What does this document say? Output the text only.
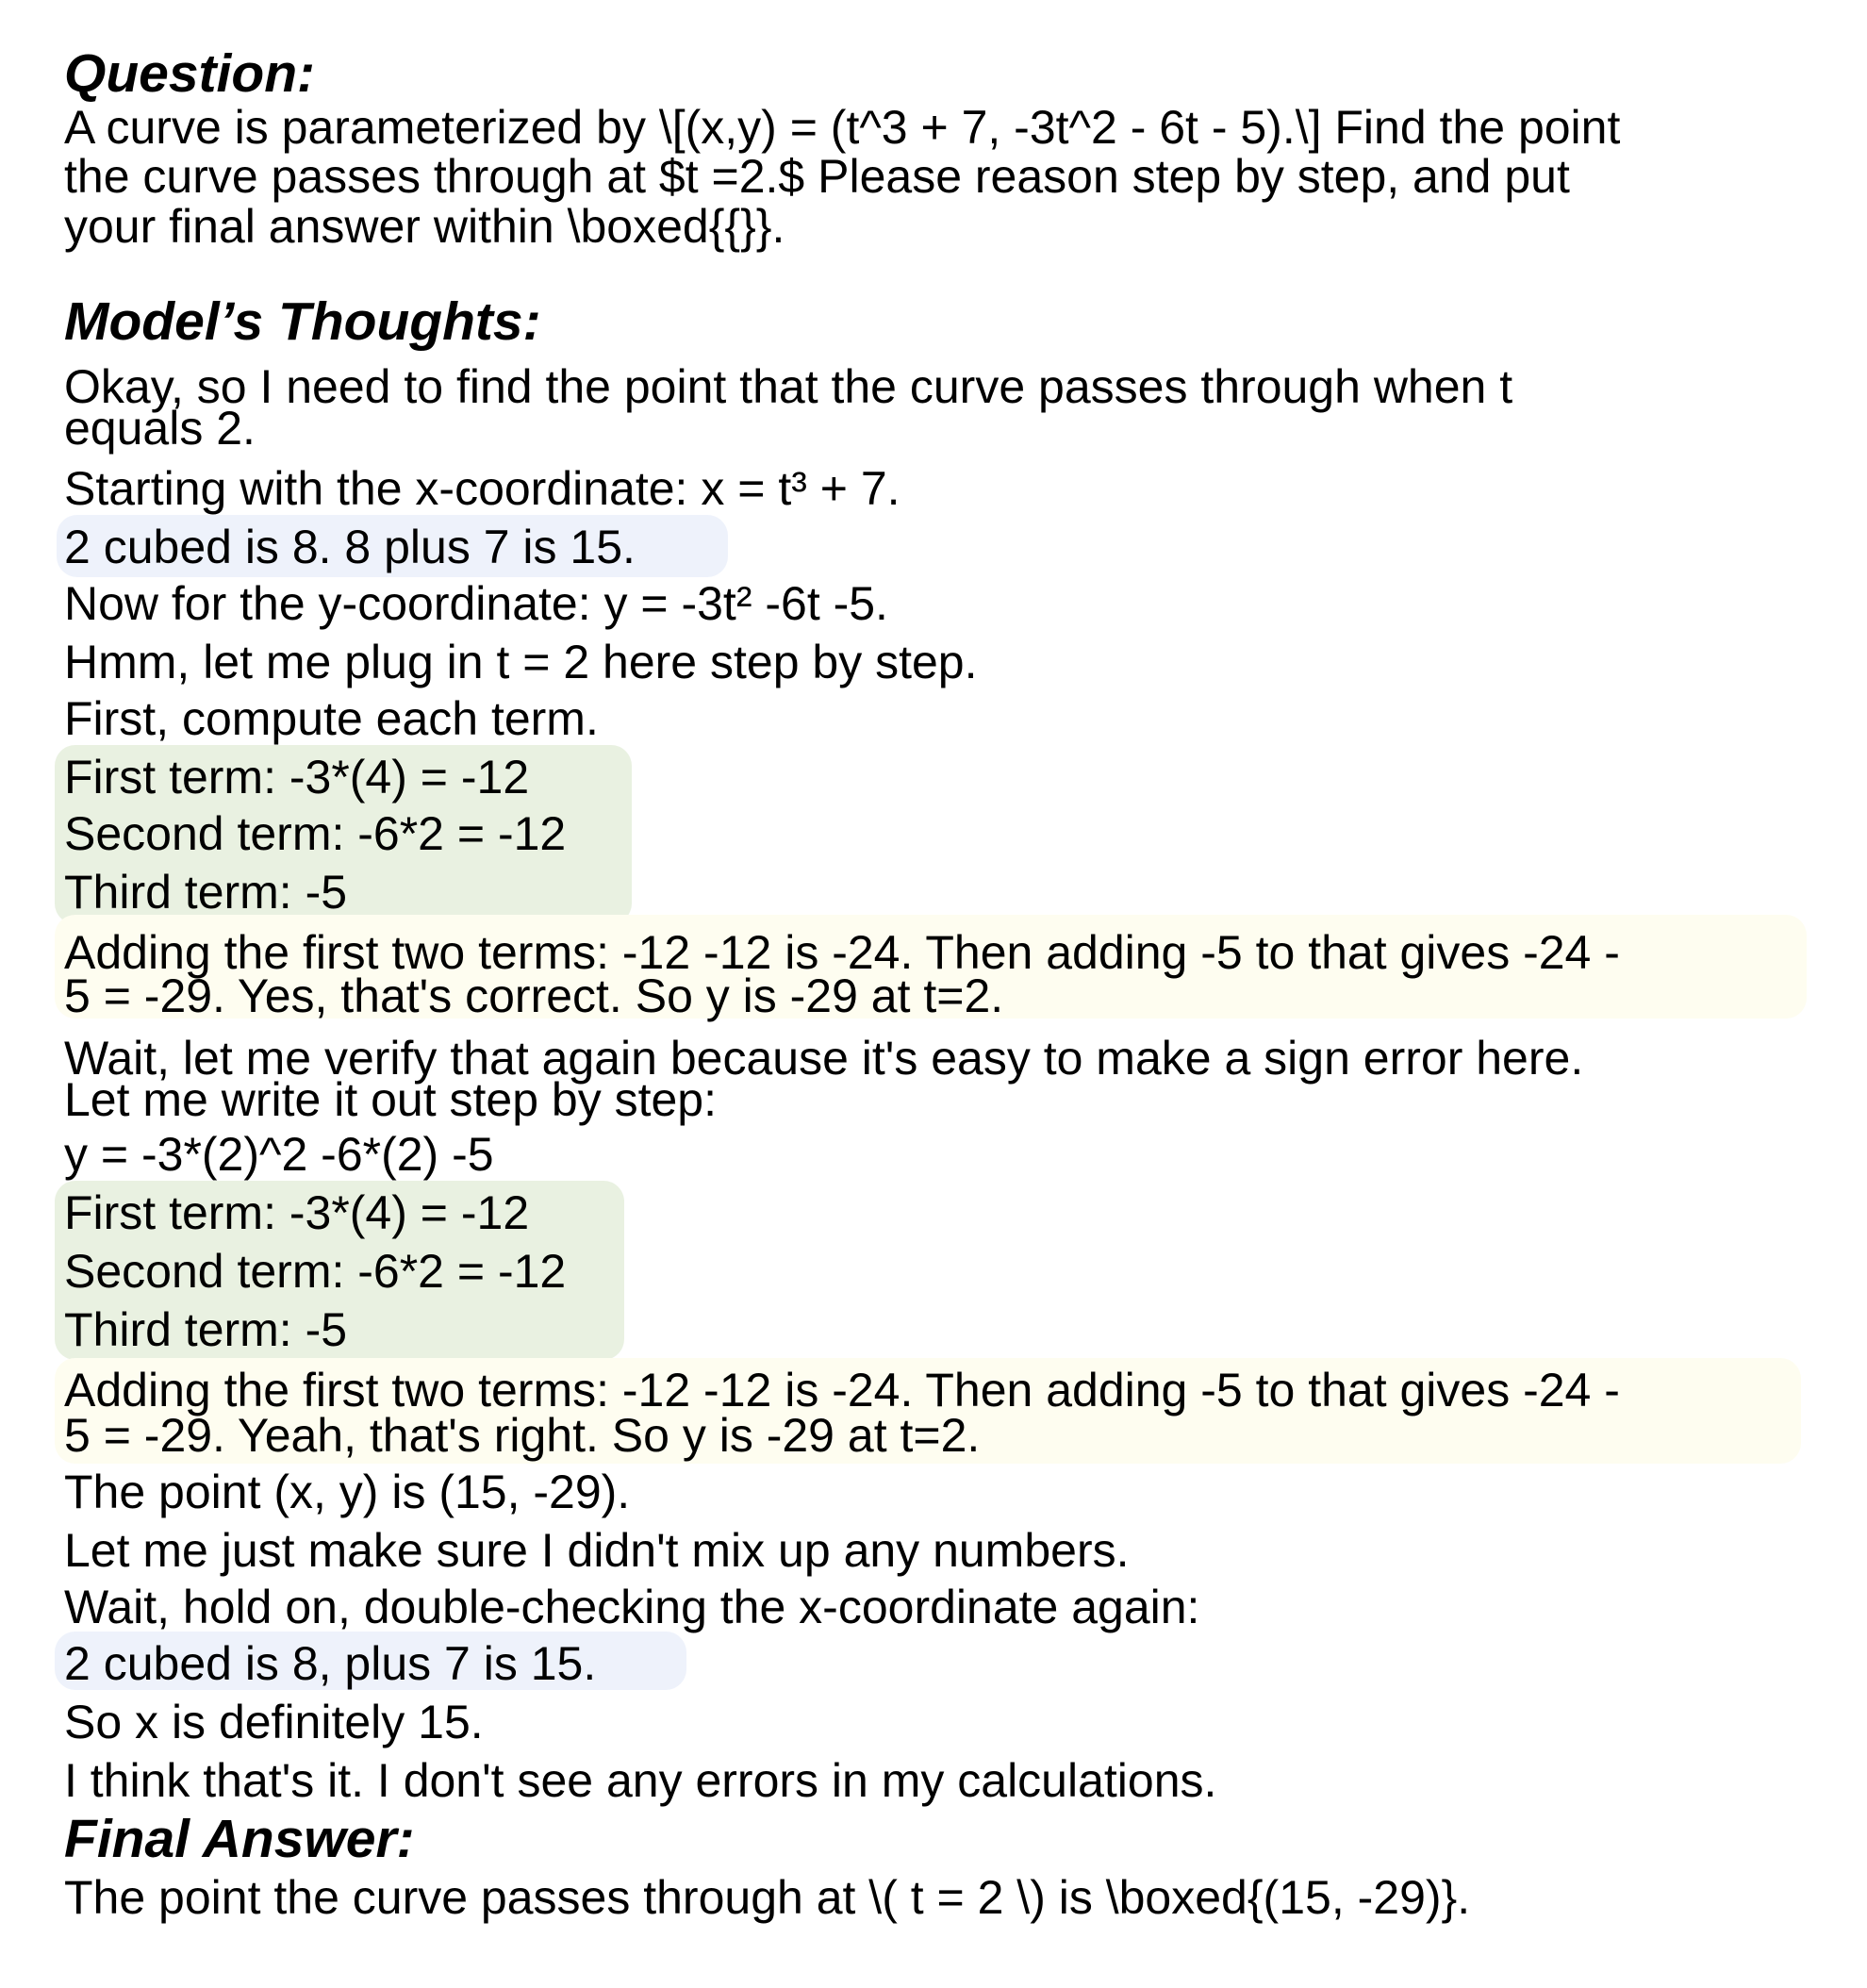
Question:
A curve is parameterized by \[(x,y) = (t^3 + 7, -3t^2 - 6t - 5).\] Find the point
the curve passes through at $t =2.$ Please reason step by step, and put
your final answer within \boxed{{}}.
Model’s Thoughts:
Okay, so I need to find the point that the curve passes through when t
equals 2.
Starting with the x-coordinate: x = t³ + 7.
2 cubed is 8. 8 plus 7 is 15.
Now for the y-coordinate: y = -3t² -6t -5.
Hmm, let me plug in t = 2 here step by step.
First, compute each term.
First term: -3*(4) = -12
Second term: -6*2 = -12
Third term: -5
Adding the first two terms: -12 -12 is -24. Then adding -5 to that gives -24 -
5 = -29. Yes, that's correct. So y is -29 at t=2.
Wait, let me verify that again because it's easy to make a sign error here.
Let me write it out step by step:
y = -3*(2)^2 -6*(2) -5
First term: -3*(4) = -12
Second term: -6*2 = -12
Third term: -5
Adding the first two terms: -12 -12 is -24. Then adding -5 to that gives -24 -
5 = -29. Yeah, that's right. So y is -29 at t=2.
The point (x, y) is (15, -29).
Let me just make sure I didn't mix up any numbers.
Wait, hold on, double-checking the x-coordinate again:
2 cubed is 8, plus 7 is 15.
So x is definitely 15.
I think that's it. I don't see any errors in my calculations.
Final Answer:
The point the curve passes through at \( t = 2 \) is \boxed{(15, -29)}.
